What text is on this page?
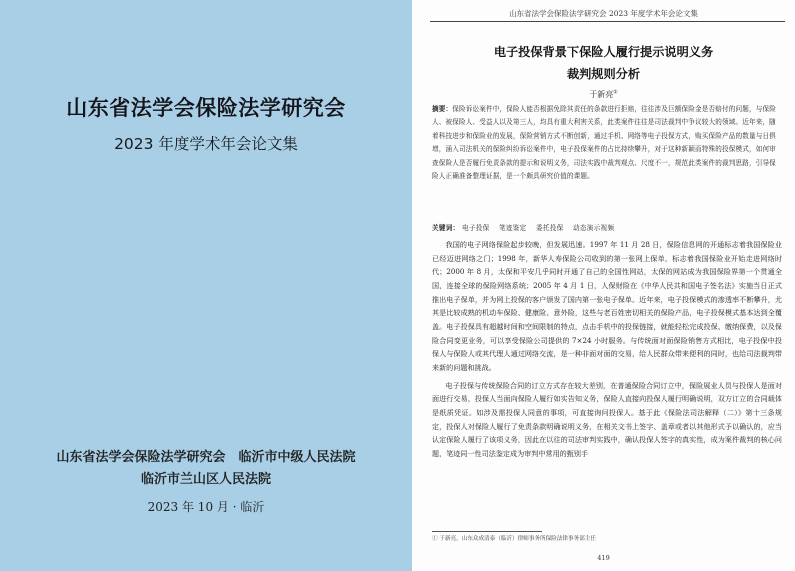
山东省法学会保险法学研究会
2023 年度学术年会论文集
山东省法学会保险法学研究会　临沂市中级人民法院
临沂市兰山区人民法院
2023 年 10 月 · 临沂
山东省法学会保险法学研究会 2023 年度学术年会论文集
电子投保背景下保险人履行提示说明义务
裁判规则分析
于新亮①
摘要：保险诉讼案件中，保险人能否根据免除其责任的条款进行拒赔，往往涉及巨额保险金是否赔付的问题，与保险人、被保险人、受益人以及第三人，均具有重大利害关系，此类案件往往是司法裁判中争议较大的领域。近年来，随着科技进步和保险业的发展，保险营销方式不断创新，通过手机、网络等电子投保方式，购买保险产品的数量与日俱增，涌入司法机关的保险纠纷诉讼案件中，电子投保案件的占比持续攀升，对于这种新颖而特殊的投保模式，如何审查保险人是否履行免责条款的提示和说明义务，司法实践中裁判观点、尺度不一，规范此类案件的裁判思路，引导保险人正确准备整理证据，是一个颇具研究价值的课题。
关键词： 电子投保 笔迹鉴定 委托投保 动态演示视频

我国的电子网络保险起步较晚，但发展迅速。1997 年 11 月 28 日，保险信息网的开通标志着我国保险业已经迈进网络之门；1998 年，新华人寿保险公司收到的第一张网上保单，标志着我国保险业开始走进网络时代；2000 年 8 月，太保和平安几乎同时开通了自己的全国性网站，太保的网站成为我国保险界第一个贯通全国，连接全球的保险网络系统；2005 年 4 月 1 日，人保财险在《中华人民共和国电子签名法》实施当日正式推出电子保单，并为网上投保的客户颁发了国内第一张电子保单。近年来，电子投保模式的渗透率不断攀升，尤其是比较成熟的机动车保险、健康险、意外险，这些与老百姓密切相关的保险产品，电子投保模式基本达到全覆盖。电子投保具有超越时间和空间限制的特点，点击手机中的投保链接，就能轻松完成投保、缴纳保费，以及保险合同变更业务，可以享受保险公司提供的 7×24 小时服务。与传统面对面保险销售方式相比，电子投保中投保人与保险人或其代理人通过网络交流，是一种非面对面的交易，给人民群众带来便利的同时，也给司法裁判带来新的问题和挑战。

电子投保与传统保险合同的订立方式存在较大差别，在普通保险合同订立中，保险展业人员与投保人是面对面进行交易，投保人当面向保险人履行如实告知义务，保险人直接向投保人履行明确说明，双方订立的合同载体是纸质凭证。如涉及需投保人同意的事项，可直接询问投保人。基于此《保险法司法解释（二）》第十三条规定，投保人对保险人履行了免责条款明确说明义务，在相关文书上签字、盖章或者以其他形式予以确认的，应当认定保险人履行了该项义务，因此在以往的司法审判实践中，确认投保人签字的真实性，成为案件裁判的核心问题，笔迹同一性司法鉴定成为审判中常用的甄别手

① 于新亮，山东众成清泰（临沂）律师事务所保险法律事务部主任
419
